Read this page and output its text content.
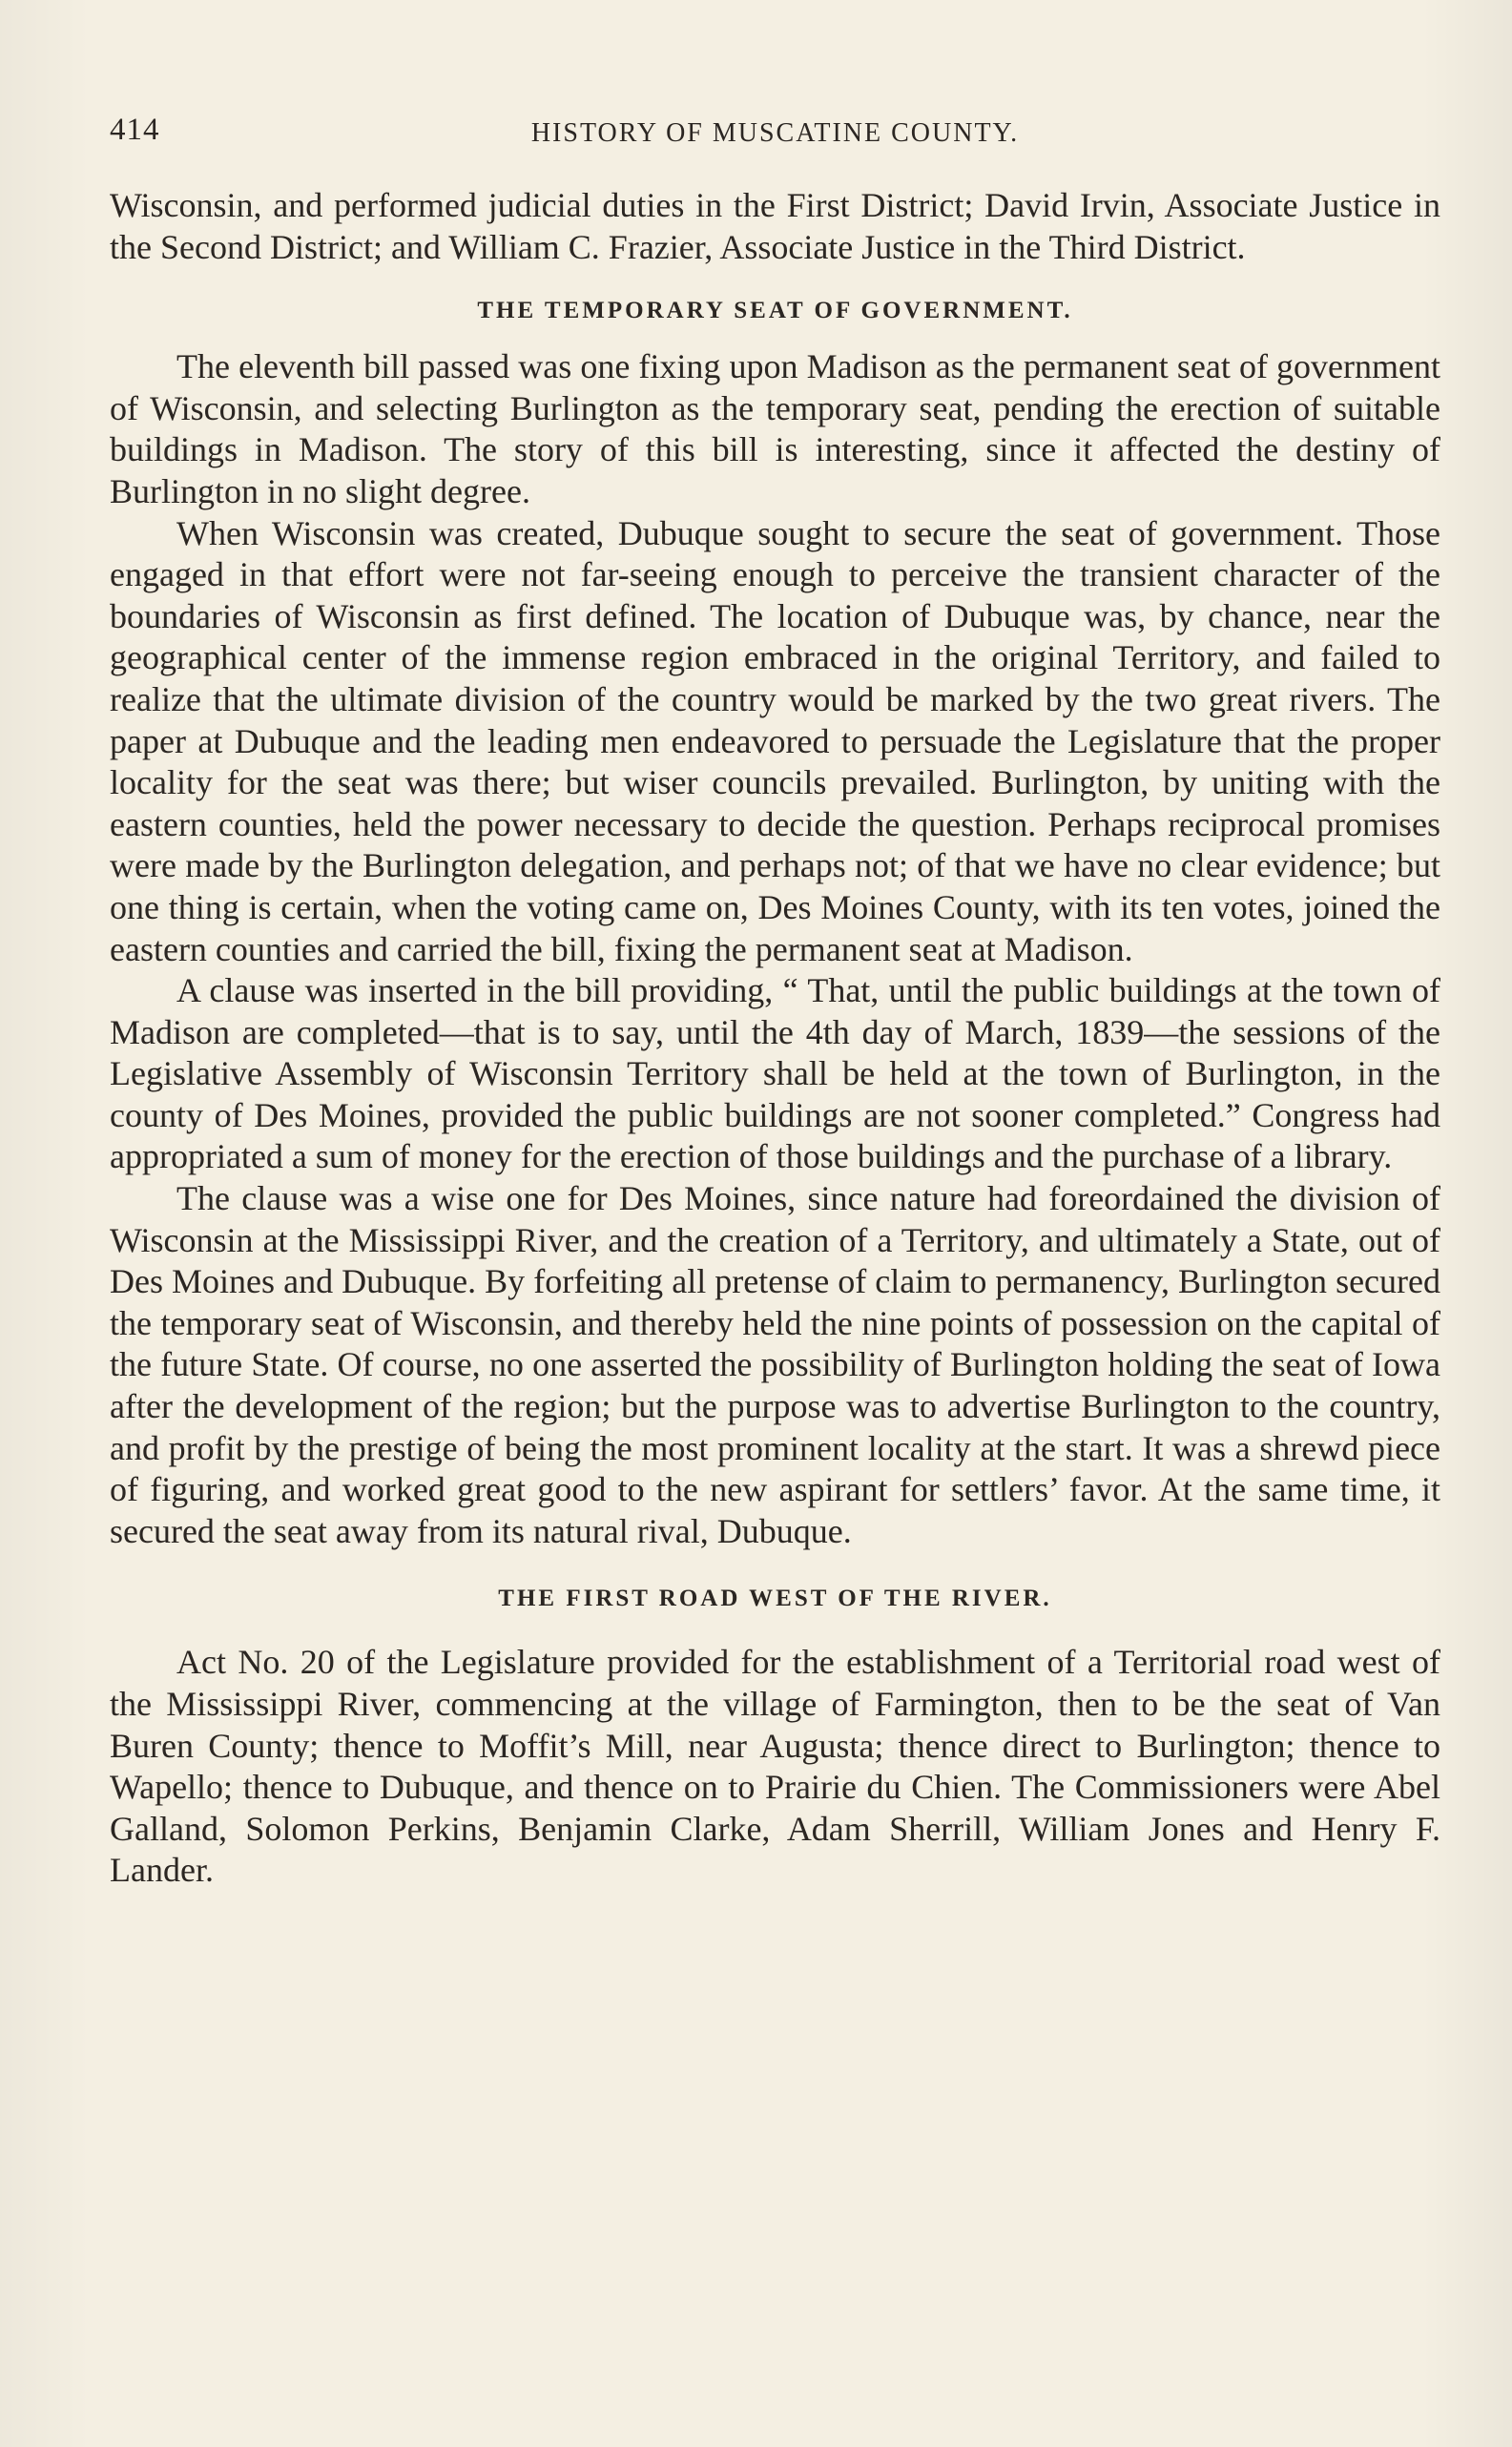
414	HISTORY OF MUSCATINE COUNTY.

Wisconsin, and performed judicial duties in the First District; David Irvin, Associate Justice in the Second District; and William C. Frazier, Associate Justice in the Third District.

THE TEMPORARY SEAT OF GOVERNMENT.

The eleventh bill passed was one fixing upon Madison as the permanent seat of government of Wisconsin, and selecting Burlington as the temporary seat, pending the erection of suitable buildings in Madison. The story of this bill is interesting, since it affected the destiny of Burlington in no slight degree.

When Wisconsin was created, Dubuque sought to secure the seat of government. Those engaged in that effort were not far-seeing enough to perceive the transient character of the boundaries of Wisconsin as first defined. The location of Dubuque was, by chance, near the geographical center of the immense region embraced in the original Territory, and failed to realize that the ultimate division of the country would be marked by the two great rivers. The paper at Dubuque and the leading men endeavored to persuade the Legislature that the proper locality for the seat was there; but wiser councils prevailed. Burlington, by uniting with the eastern counties, held the power necessary to decide the question. Perhaps reciprocal promises were made by the Burlington delegation, and perhaps not; of that we have no clear evidence; but one thing is certain, when the voting came on, Des Moines County, with its ten votes, joined the eastern counties and carried the bill, fixing the permanent seat at Madison.

A clause was inserted in the bill providing, “ That, until the public buildings at the town of Madison are completed—that is to say, until the 4th day of March, 1839—the sessions of the Legislative Assembly of Wisconsin Territory shall be held at the town of Burlington, in the county of Des Moines, provided the public buildings are not sooner completed.” Congress had appropriated a sum of money for the erection of those buildings and the purchase of a library.

The clause was a wise one for Des Moines, since nature had foreordained the division of Wisconsin at the Mississippi River, and the creation of a Territory, and ultimately a State, out of Des Moines and Dubuque. By forfeiting all pretense of claim to permanency, Burlington secured the temporary seat of Wisconsin, and thereby held the nine points of possession on the capital of the future State. Of course, no one asserted the possibility of Burlington holding the seat of Iowa after the development of the region; but the purpose was to advertise Burlington to the country, and profit by the prestige of being the most prominent locality at the start. It was a shrewd piece of figuring, and worked great good to the new aspirant for settlers’ favor. At the same time, it secured the seat away from its natural rival, Dubuque.

THE FIRST ROAD WEST OF THE RIVER.

Act No. 20 of the Legislature provided for the establishment of a Territorial road west of the Mississippi River, commencing at the village of Farmington, then to be the seat of Van Buren County; thence to Moffit’s Mill, near Augusta; thence direct to Burlington; thence to Wapello; thence to Dubuque, and thence on to Prairie du Chien. The Commissioners were Abel Galland, Solomon Perkins, Benjamin Clarke, Adam Sherrill, William Jones and Henry F. Lander.
